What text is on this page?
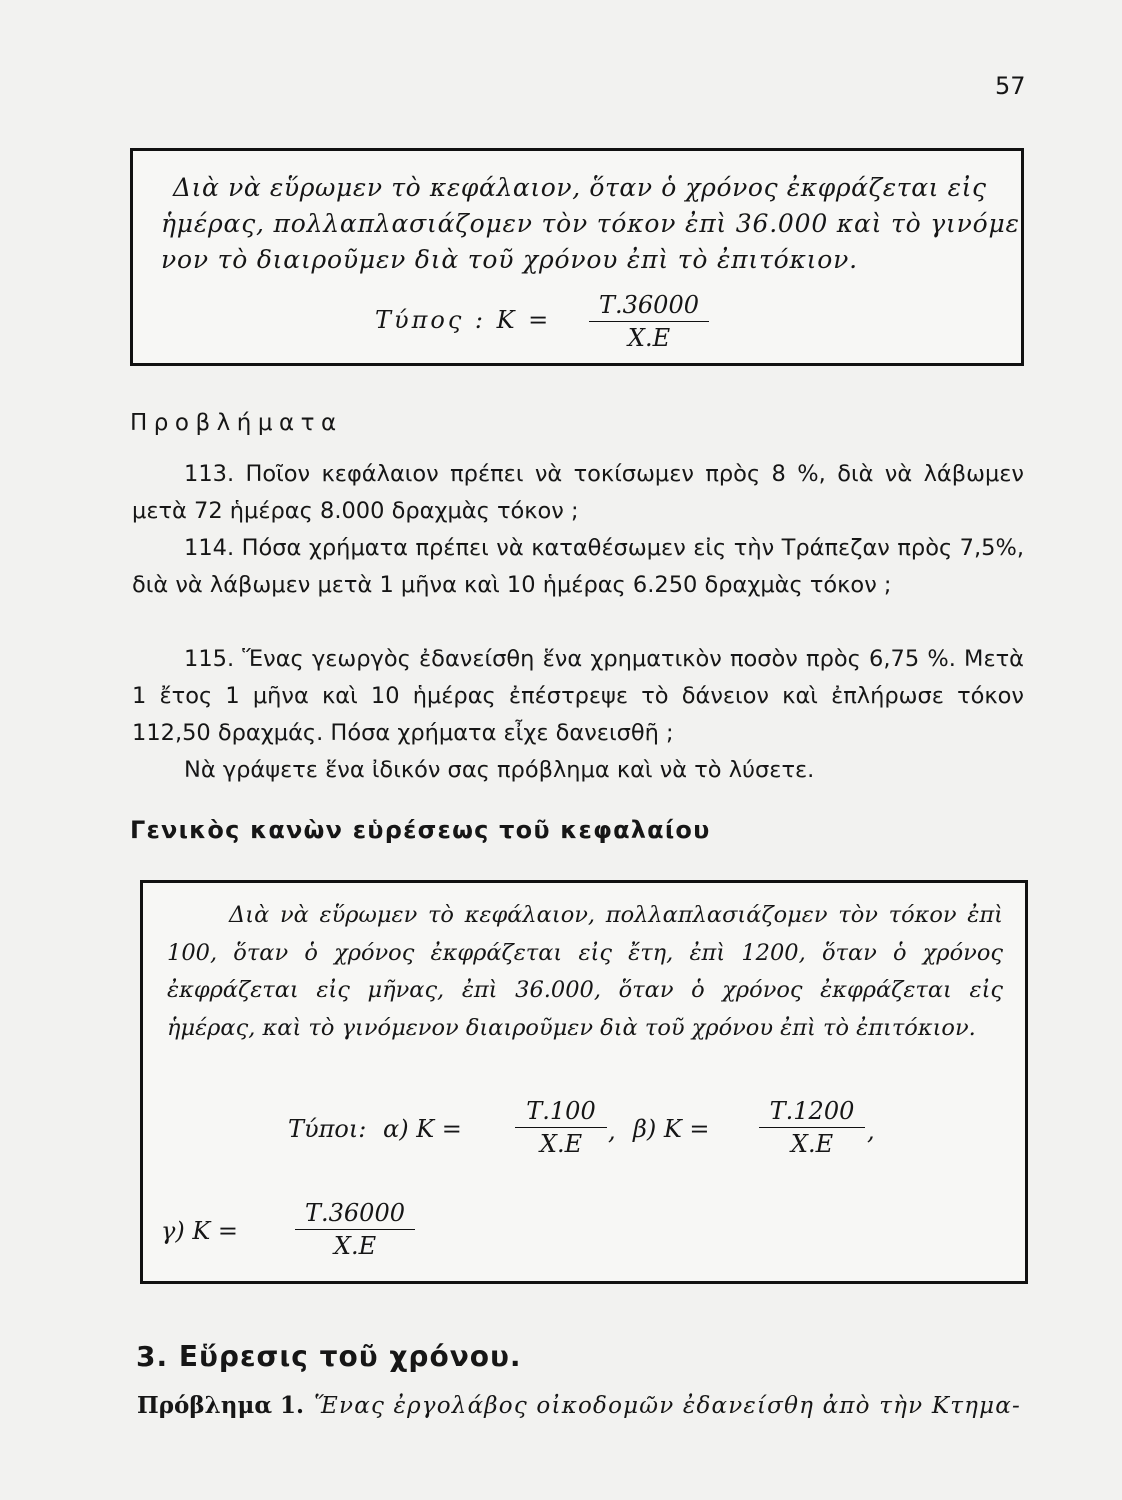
57
Διὰ νὰ εὕρωμεν τὸ κεφάλαιον, ὅταν ὁ χρόνος ἐκφράζεται εἰς
ἡμέρας, πολλαπλασιάζομεν τὸν τόκον ἐπὶ 36.000 καὶ τὸ γινόμε
νον τὸ διαιροῦμεν διὰ τοῦ χρόνου ἐπὶ τὸ ἐπιτόκιον.
Τύπος : $K = \frac{T.36000}{X.E}$
Προβλήματα
113. Ποῖον κεφάλαιον πρέπει νὰ τοκίσωμεν πρὸς 8 %, διὰ νὰ λάβωμεν μετὰ 72 ἡμέρας 8.000 δραχμὰς τόκον ;
114. Πόσα χρήματα πρέπει νὰ καταθέσωμεν εἰς τὴν Τράπεζαν πρὸς 7,5%, διὰ νὰ λάβωμεν μετὰ 1 μῆνα καὶ 10 ἡμέρας 6.250 δραχμὰς τόκον ;
115. Ἕνας γεωργὸς ἐδανείσθη ἕνα χρηματικὸν ποσὸν πρὸς 6,75 %. Μετὰ 1 ἔτος 1 μῆνα καὶ 10 ἡμέρας ἐπέστρεψε τὸ δάνειον καὶ ἐπλήρωσε τόκον 112,50 δραχμάς. Πόσα χρήματα εἶχε δανεισθῆ ;
Νὰ γράψετε ἕνα ἰδικόν σας πρόβλημα καὶ νὰ τὸ λύσετε.
Γενικὸς κανὼν εὑρέσεως τοῦ κεφαλαίου
Διὰ νὰ εὕρωμεν τὸ κεφάλαιον, πολλαπλασιάζομεν τὸν τόκον ἐπὶ 100, ὅταν ὁ χρόνος ἐκφράζεται εἰς ἔτη, ἐπὶ 1200, ὅταν ὁ χρόνος ἐκφράζεται εἰς μῆνας, ἐπὶ 36.000, ὅταν ὁ χρόνος ἐκφράζεται εἰς ἡμέρας, καὶ τὸ γινόμενον διαιροῦμεν διὰ τοῦ χρόνου ἐπὶ τὸ ἐπιτόκιον.
Τύποι: α) $K = \frac{T.100}{X.E}$ , β) $K = \frac{T.1200}{X.E}$ ,
γ) $K = \frac{T.36000}{X.E}$
3. Εὕρεσις τοῦ χρόνου.
Πρόβλημα 1. Ἕνας ἐργολάβος οἰκοδομῶν ἐδανείσθη ἀπὸ τὴν Κτημα-
